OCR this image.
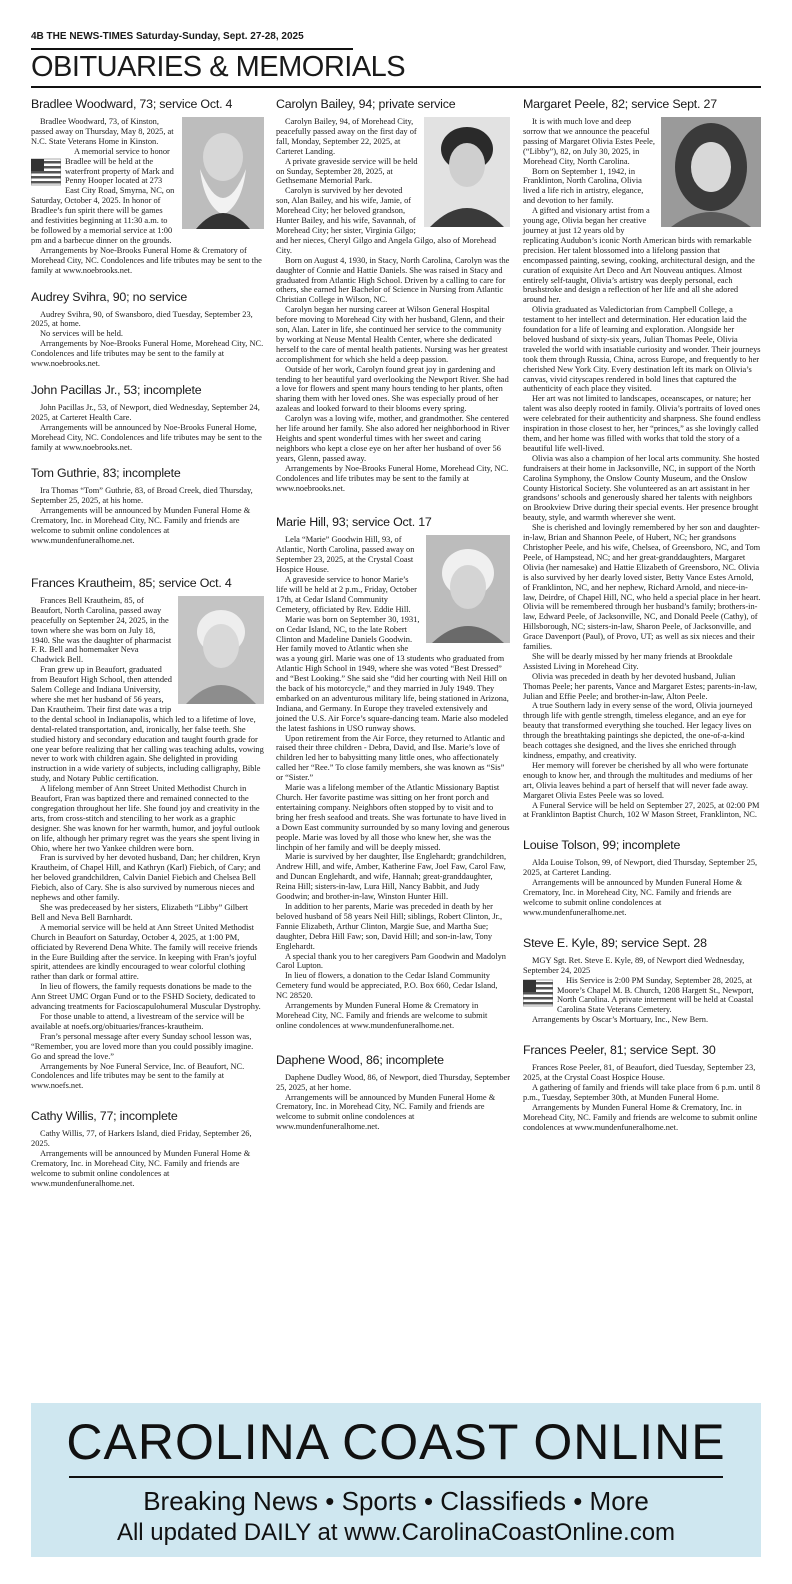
4B THE NEWS-TIMES Saturday-Sunday, Sept. 27-28, 2025
OBITUARIES & MEMORIALS
Bradlee Woodward, 73; service Oct. 4

Bradlee Woodward, 73, of Kinston, passed away on Thursday, May 8, 2025, at N.C. State Veterans Home in Kinston.

A memorial service to honor Bradlee will be held at the waterfront property of Mark and Penny Hooper located at 273 East City Road, Smyrna, NC, on Saturday, October 4, 2025. In honor of Bradlee’s fun spirit there will be games and festivities beginning at 11:30 a.m. to be followed by a memorial service at 1:00 pm and a barbecue dinner on the grounds.

Arrangements by Noe-Brooks Funeral Home & Crematory of Morehead City, NC. Condolences and life tributes may be sent to the family at www.noebrooks.net.

Audrey Svihra, 90; no service

Audrey Svihra, 90, of Swansboro, died Tuesday, September 23, 2025, at home.

No services will be held.

Arrangements by Noe-Brooks Funeral Home, Morehead City, NC. Condolences and life tributes may be sent to the family at www.noebrooks.net.

John Pacillas Jr., 53; incomplete

John Pacillas Jr., 53, of Newport, died Wednesday, September 24, 2025, at Carteret Health Care.

Arrangements will be announced by Noe-Brooks Funeral Home, Morehead City, NC. Condolences and life tributes may be sent to the family at www.noebrooks.net.

Tom Guthrie, 83; incomplete

Ira Thomas “Tom” Guthrie, 83, of Broad Creek, died Thursday, September 25, 2025, at his home.

Arrangements will be announced by Munden Funeral Home & Crematory, Inc. in Morehead City, NC. Family and friends are welcome to submit online condolences at www.mundenfuneralhome.net.

Frances Krautheim, 85; service Oct. 4

Frances Bell Krautheim, 85, of Beaufort, North Carolina, passed away peacefully on September 24, 2025, in the town where she was born on July 18, 1940. She was the daughter of pharmacist F. R. Bell and homemaker Neva Chadwick Bell.

Fran grew up in Beaufort, graduated from Beaufort High School, then attended Salem College and Indiana University, where she met her husband of 56 years, Dan Krautheim. Their first date was a trip to the dental school in Indianapolis, which led to a lifetime of love, dental-related transportation, and, ironically, her false teeth. She studied history and secondary education and taught fourth grade for one year before realizing that her calling was teaching adults, vowing never to work with children again. She delighted in providing instruction in a wide variety of subjects, including calligraphy, Bible study, and Notary Public certification.

A lifelong member of Ann Street United Methodist Church in Beaufort, Fran was baptized there and remained connected to the congregation throughout her life. She found joy and creativity in the arts, from cross-stitch and stenciling to her work as a graphic designer. She was known for her warmth, humor, and joyful outlook on life, although her primary regret was the years she spent living in Ohio, where her two Yankee children were born.

Fran is survived by her devoted husband, Dan; her children, Kryn Krautheim, of Chapel Hill, and Kathryn (Karl) Fiebich, of Cary; and her beloved grandchildren, Calvin Daniel Fiebich and Chelsea Bell Fiebich, also of Cary. She is also survived by numerous nieces and nephews and other family.

She was predeceased by her sisters, Elizabeth “Libby” Gilbert Bell and Neva Bell Barnhardt.

A memorial service will be held at Ann Street United Methodist Church in Beaufort on Saturday, October 4, 2025, at 1:00 PM, officiated by Reverend Dena White. The family will receive friends in the Eure Building after the service. In keeping with Fran’s joyful spirit, attendees are kindly encouraged to wear colorful clothing rather than dark or formal attire.

In lieu of flowers, the family requests donations be made to the Ann Street UMC Organ Fund or to the FSHD Society, dedicated to advancing treatments for Facioscapulohumeral Muscular Dystrophy.

For those unable to attend, a livestream of the service will be available at noefs.org/obituaries/frances-krautheim.

Fran’s personal message after every Sunday school lesson was, “Remember, you are loved more than you could possibly imagine. Go and spread the love.”

Arrangements by Noe Funeral Service, Inc. of Beaufort, NC. Condolences and life tributes may be sent to the family at www.noefs.net.

Cathy Willis, 77; incomplete

Cathy Willis, 77, of Harkers Island, died Friday, September 26, 2025.

Arrangements will be announced by Munden Funeral Home & Crematory, Inc. in Morehead City, NC. Family and friends are welcome to submit online condolences at www.mundenfuneralhome.net.

Carolyn Bailey, 94; private service

Carolyn Bailey, 94, of Morehead City, peacefully passed away on the first day of fall, Monday, September 22, 2025, at Carteret Landing.

A private graveside service will be held on Sunday, September 28, 2025, at Gethsemane Memorial Park.

Carolyn is survived by her devoted son, Alan Bailey, and his wife, Jamie, of Morehead City; her beloved grandson, Hunter Bailey, and his wife, Savannah, of Morehead City; her sister, Virginia Gilgo; and her nieces, Cheryl Gilgo and Angela Gilgo, also of Morehead City.

Born on August 4, 1930, in Stacy, North Carolina, Carolyn was the daughter of Connie and Hattie Daniels. She was raised in Stacy and graduated from Atlantic High School. Driven by a calling to care for others, she earned her Bachelor of Science in Nursing from Atlantic Christian College in Wilson, NC.

Carolyn began her nursing career at Wilson General Hospital before moving to Morehead City with her husband, Glenn, and their son, Alan. Later in life, she continued her service to the community by working at Neuse Mental Health Center, where she dedicated herself to the care of mental health patients. Nursing was her greatest accomplishment for which she held a deep passion.

Outside of her work, Carolyn found great joy in gardening and tending to her beautiful yard overlooking the Newport River. She had a love for flowers and spent many hours tending to her plants, often sharing them with her loved ones. She was especially proud of her azaleas and looked forward to their blooms every spring.

Carolyn was a loving wife, mother, and grandmother. She centered her life around her family. She also adored her neighborhood in River Heights and spent wonderful times with her sweet and caring neighbors who kept a close eye on her after her husband of over 56 years, Glenn, passed away.

Arrangements by Noe-Brooks Funeral Home, Morehead City, NC. Condolences and life tributes may be sent to the family at www.noebrooks.net.

Marie Hill, 93; service Oct. 17

Lela “Marie” Goodwin Hill, 93, of Atlantic, North Carolina, passed away on September 23, 2025, at the Crystal Coast Hospice House.

A graveside service to honor Marie’s life will be held at 2 p.m., Friday, October 17th, at Cedar Island Community Cemetery, officiated by Rev. Eddie Hill.

Marie was born on September 30, 1931, on Cedar Island, NC, to the late Robert Clinton and Madeline Daniels Goodwin. Her family moved to Atlantic when she was a young girl. Marie was one of 13 students who graduated from Atlantic High School in 1949, where she was voted “Best Dressed” and “Best Looking.” She said she “did her courting with Neil Hill on the back of his motorcycle,” and they married in July 1949. They embarked on an adventurous military life, being stationed in Arizona, Indiana, and Germany. In Europe they traveled extensively and joined the U.S. Air Force’s square-dancing team. Marie also modeled the latest fashions in USO runway shows.

Upon retirement from the Air Force, they returned to Atlantic and raised their three children - Debra, David, and Ilse. Marie’s love of children led her to babysitting many little ones, who affectionately called her “Ree.” To close family members, she was known as “Sis” or “Sister.”

Marie was a lifelong member of the Atlantic Missionary Baptist Church. Her favorite pastime was sitting on her front porch and entertaining company. Neighbors often stopped by to visit and to bring her fresh seafood and treats. She was fortunate to have lived in a Down East community surrounded by so many loving and generous people. Marie was loved by all those who knew her, she was the linchpin of her family and will be deeply missed.

Marie is survived by her daughter, Ilse Englehardt; grandchildren, Andrew Hill, and wife, Amber, Katherine Faw, Joel Faw, Carol Faw, and Duncan Englehardt, and wife, Hannah; great-granddaughter, Reina Hill; sisters-in-law, Lura Hill, Nancy Babbit, and Judy Goodwin; and brother-in-law, Winston Hunter Hill.

In addition to her parents, Marie was preceded in death by her beloved husband of 58 years Neil Hill; siblings, Robert Clinton, Jr., Fannie Elizabeth, Arthur Clinton, Margie Sue, and Martha Sue; daughter, Debra Hill Faw; son, David Hill; and son-in-law, Tony Englehardt.

A special thank you to her caregivers Pam Goodwin and Madolyn Carol Lupton.

In lieu of flowers, a donation to the Cedar Island Community Cemetery fund would be appreciated, P.O. Box 660, Cedar Island, NC 28520.

Arrangements by Munden Funeral Home & Crematory in Morehead City, NC. Family and friends are welcome to submit online condolences at www.mundenfuneralhome.net.

Daphene Wood, 86; incomplete

Daphene Dudley Wood, 86, of Newport, died Thursday, September 25, 2025, at her home.

Arrangements will be announced by Munden Funeral Home & Crematory, Inc. in Morehead City, NC. Family and friends are welcome to submit online condolences at www.mundenfuneralhome.net.

Margaret Peele, 82; service Sept. 27

It is with much love and deep sorrow that we announce the peaceful passing of Margaret Olivia Estes Peele, (“Libby”), 82, on July 30, 2025, in Morehead City, North Carolina.

Born on September 1, 1942, in Franklinton, North Carolina, Olivia lived a life rich in artistry, elegance, and devotion to her family.

A gifted and visionary artist from a young age, Olivia began her creative journey at just 12 years old by replicating Audubon’s iconic North American birds with remarkable precision. Her talent blossomed into a lifelong passion that encompassed painting, sewing, cooking, architectural design, and the curation of exquisite Art Deco and Art Nouveau antiques. Almost entirely self-taught, Olivia’s artistry was deeply personal, each brushstroke and design a reflection of her life and all she adored around her.

Olivia graduated as Valedictorian from Campbell College, a testament to her intellect and determination. Her education laid the foundation for a life of learning and exploration. Alongside her beloved husband of sixty-six years, Julian Thomas Peele, Olivia traveled the world with insatiable curiosity and wonder. Their journeys took them through Russia, China, across Europe, and frequently to her cherished New York City. Every destination left its mark on Olivia’s canvas, vivid cityscapes rendered in bold lines that captured the authenticity of each place they visited.

Her art was not limited to landscapes, oceanscapes, or nature; her talent was also deeply rooted in family. Olivia’s portraits of loved ones were celebrated for their authenticity and sharpness. She found endless inspiration in those closest to her, her “princes,” as she lovingly called them, and her home was filled with works that told the story of a beautiful life well-lived.

Olivia was also a champion of her local arts community. She hosted fundraisers at their home in Jacksonville, NC, in support of the North Carolina Symphony, the Onslow County Museum, and the Onslow County Historical Society. She volunteered as an art assistant in her grandsons’ schools and generously shared her talents with neighbors on Brookview Drive during their special events. Her presence brought beauty, style, and warmth wherever she went.

She is cherished and lovingly remembered by her son and daughter-in-law, Brian and Shannon Peele, of Hubert, NC; her grandsons Christopher Peele, and his wife, Chelsea, of Greensboro, NC, and Tom Peele, of Hampstead, NC; and her great-granddaughters, Margaret Olivia (her namesake) and Hattie Elizabeth of Greensboro, NC. Olivia is also survived by her dearly loved sister, Betty Vance Estes Arnold, of Franklinton, NC, and her nephew, Richard Arnold, and niece-in-law, Deirdre, of Chapel Hill, NC, who held a special place in her heart. Olivia will be remembered through her husband’s family; brothers-in-law, Edward Peele, of Jacksonville, NC, and Donald Peele (Cathy), of Hillsborough, NC; sisters-in-law, Sharon Peele, of Jacksonville, and Grace Davenport (Paul), of Provo, UT; as well as six nieces and their families.

She will be dearly missed by her many friends at Brookdale Assisted Living in Morehead City.

Olivia was preceded in death by her devoted husband, Julian Thomas Peele; her parents, Vance and Margaret Estes; parents-in-law, Julian and Effie Peele; and brother-in-law, Alton Peele.

A true Southern lady in every sense of the word, Olivia journeyed through life with gentle strength, timeless elegance, and an eye for beauty that transformed everything she touched. Her legacy lives on through the breathtaking paintings she depicted, the one-of-a-kind beach cottages she designed, and the lives she enriched through kindness, empathy, and creativity.

Her memory will forever be cherished by all who were fortunate enough to know her, and through the multitudes and mediums of her art, Olivia leaves behind a part of herself that will never fade away. Margaret Olivia Estes Peele was so loved.

A Funeral Service will be held on September 27, 2025, at 02:00 PM at Franklinton Baptist Church, 102 W Mason Street, Franklinton, NC.

Louise Tolson, 99; incomplete

Alda Louise Tolson, 99, of Newport, died Thursday, September 25, 2025, at Carteret Landing.

Arrangements will be announced by Munden Funeral Home & Crematory, Inc. in Morehead City, NC. Family and friends are welcome to submit online condolences at www.mundenfuneralhome.net.

Steve E. Kyle, 89; service Sept. 28

MGY Sgt. Ret. Steve E. Kyle, 89, of Newport died Wednesday, September 24, 2025

His Service is 2:00 PM Sunday, September 28, 2025, at Moore’s Chapel M. B. Church, 1208 Hargett St., Newport, North Carolina. A private interment will be held at Coastal Carolina State Veterans Cemetery.

Arrangements by Oscar’s Mortuary, Inc., New Bern.

Frances Peeler, 81; service Sept. 30

Frances Rose Peeler, 81, of Beaufort, died Tuesday, September 23, 2025, at the Crystal Coast Hospice House.

A gathering of family and friends will take place from 6 p.m. until 8 p.m., Tuesday, September 30th, at Munden Funeral Home.

Arrangements by Munden Funeral Home & Crematory, Inc. in Morehead City, NC. Family and friends are welcome to submit online condolences at www.mundenfuneralhome.net.

CAROLINA COAST ONLINE
Breaking News • Sports • Classifieds • More
All updated DAILY at www.CarolinaCoastOnline.com
